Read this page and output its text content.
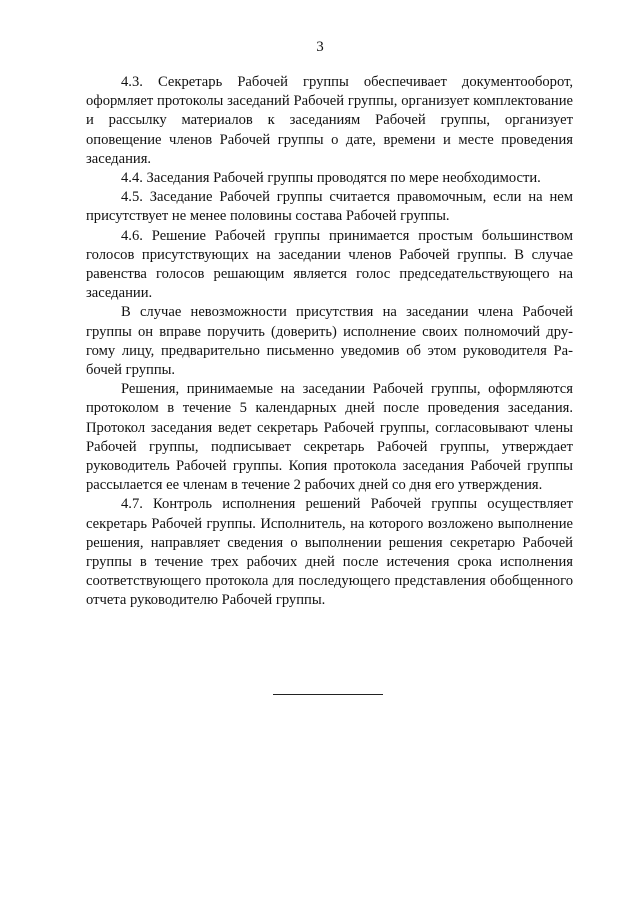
3

4.3. Секретарь Рабочей группы обеспечивает документооборот, оформляет протоколы заседаний Рабочей группы, организует комплектование и рассылку материалов к заседаниям Рабочей группы, организует оповещение членов Рабочей группы о дате, времени и месте проведения заседания.

4.4. Заседания Рабочей группы проводятся по мере необходимости.

4.5. Заседание Рабочей группы считается правомочным, если на нем присутствует не менее половины состава Рабочей группы.

4.6. Решение Рабочей группы принимается простым большинством голосов присутствующих на заседании членов Рабочей группы. В случае равенства голосов решающим является голос председательствующего на заседании.

В случае невозможности присутствия на заседании члена Рабочей группы он вправе поручить (доверить) исполнение своих полномочий другому лицу, предварительно письменно уведомив об этом руководителя Рабочей группы.

Решения, принимаемые на заседании Рабочей группы, оформляются протоколом в течение 5 календарных дней после проведения заседания. Протокол заседания ведет секретарь Рабочей группы, согласовывают члены Рабочей группы, подписывает секретарь Рабочей группы, утверждает руководитель Рабочей группы. Копия протокола заседания Рабочей группы рассылается ее членам в течение 2 рабочих дней со дня его утверждения.

4.7. Контроль исполнения решений Рабочей группы осуществляет секретарь Рабочей группы. Исполнитель, на которого возложено выполнение решения, направляет сведения о выполнении решения секретарю Рабочей группы в течение трех рабочих дней после истечения срока исполнения соответствующего протокола для последующего представления обобщенного отчета руководителю Рабочей группы.
